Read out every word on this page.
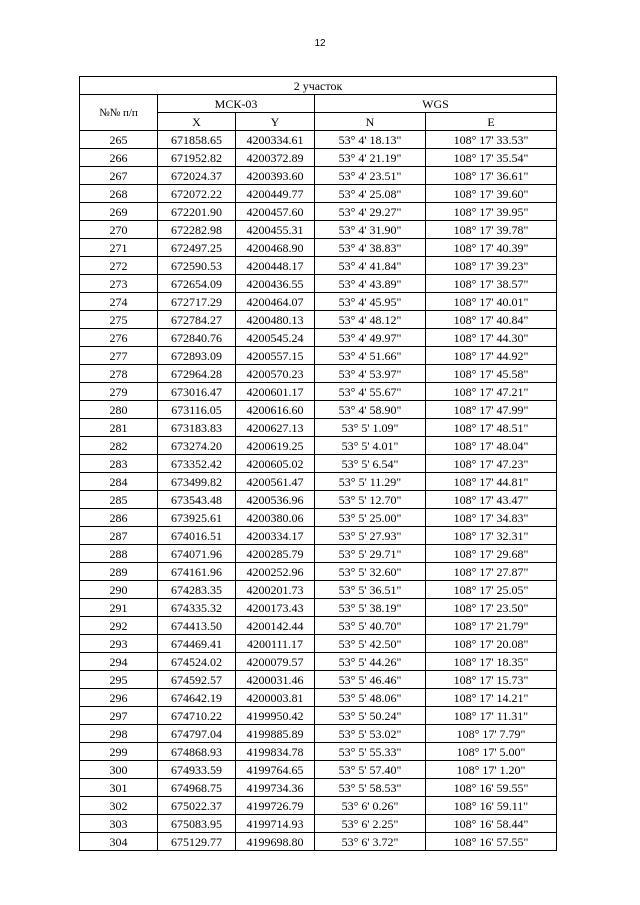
12
2 участок				
№№ п/п	МСК-03		WGS	
	X	Y	N	E
265	671858.65	4200334.61	53° 4' 18.13"	108° 17' 33.53"
266	671952.82	4200372.89	53° 4' 21.19"	108° 17' 35.54"
267	672024.37	4200393.60	53° 4' 23.51"	108° 17' 36.61"
268	672072.22	4200449.77	53° 4' 25.08"	108° 17' 39.60"
269	672201.90	4200457.60	53° 4' 29.27"	108° 17' 39.95"
270	672282.98	4200455.31	53° 4' 31.90"	108° 17' 39.78"
271	672497.25	4200468.90	53° 4' 38.83"	108° 17' 40.39"
272	672590.53	4200448.17	53° 4' 41.84"	108° 17' 39.23"
273	672654.09	4200436.55	53° 4' 43.89"	108° 17' 38.57"
274	672717.29	4200464.07	53° 4' 45.95"	108° 17' 40.01"
275	672784.27	4200480.13	53° 4' 48.12"	108° 17' 40.84"
276	672840.76	4200545.24	53° 4' 49.97"	108° 17' 44.30"
277	672893.09	4200557.15	53° 4' 51.66"	108° 17' 44.92"
278	672964.28	4200570.23	53° 4' 53.97"	108° 17' 45.58"
279	673016.47	4200601.17	53° 4' 55.67"	108° 17' 47.21"
280	673116.05	4200616.60	53° 4' 58.90"	108° 17' 47.99"
281	673183.83	4200627.13	53° 5' 1.09"	108° 17' 48.51"
282	673274.20	4200619.25	53° 5' 4.01"	108° 17' 48.04"
283	673352.42	4200605.02	53° 5' 6.54"	108° 17' 47.23"
284	673499.82	4200561.47	53° 5' 11.29"	108° 17' 44.81"
285	673543.48	4200536.96	53° 5' 12.70"	108° 17' 43.47"
286	673925.61	4200380.06	53° 5' 25.00"	108° 17' 34.83"
287	674016.51	4200334.17	53° 5' 27.93"	108° 17' 32.31"
288	674071.96	4200285.79	53° 5' 29.71"	108° 17' 29.68"
289	674161.96	4200252.96	53° 5' 32.60"	108° 17' 27.87"
290	674283.35	4200201.73	53° 5' 36.51"	108° 17' 25.05"
291	674335.32	4200173.43	53° 5' 38.19"	108° 17' 23.50"
292	674413.50	4200142.44	53° 5' 40.70"	108° 17' 21.79"
293	674469.41	4200111.17	53° 5' 42.50"	108° 17' 20.08"
294	674524.02	4200079.57	53° 5' 44.26"	108° 17' 18.35"
295	674592.57	4200031.46	53° 5' 46.46"	108° 17' 15.73"
296	674642.19	4200003.81	53° 5' 48.06"	108° 17' 14.21"
297	674710.22	4199950.42	53° 5' 50.24"	108° 17' 11.31"
298	674797.04	4199885.89	53° 5' 53.02"	108° 17' 7.79"
299	674868.93	4199834.78	53° 5' 55.33"	108° 17' 5.00"
300	674933.59	4199764.65	53° 5' 57.40"	108° 17' 1.20"
301	674968.75	4199734.36	53° 5' 58.53"	108° 16' 59.55"
302	675022.37	4199726.79	53° 6' 0.26"	108° 16' 59.11"
303	675083.95	4199714.93	53° 6' 2.25"	108° 16' 58.44"
304	675129.77	4199698.80	53° 6' 3.72"	108° 16' 57.55"
